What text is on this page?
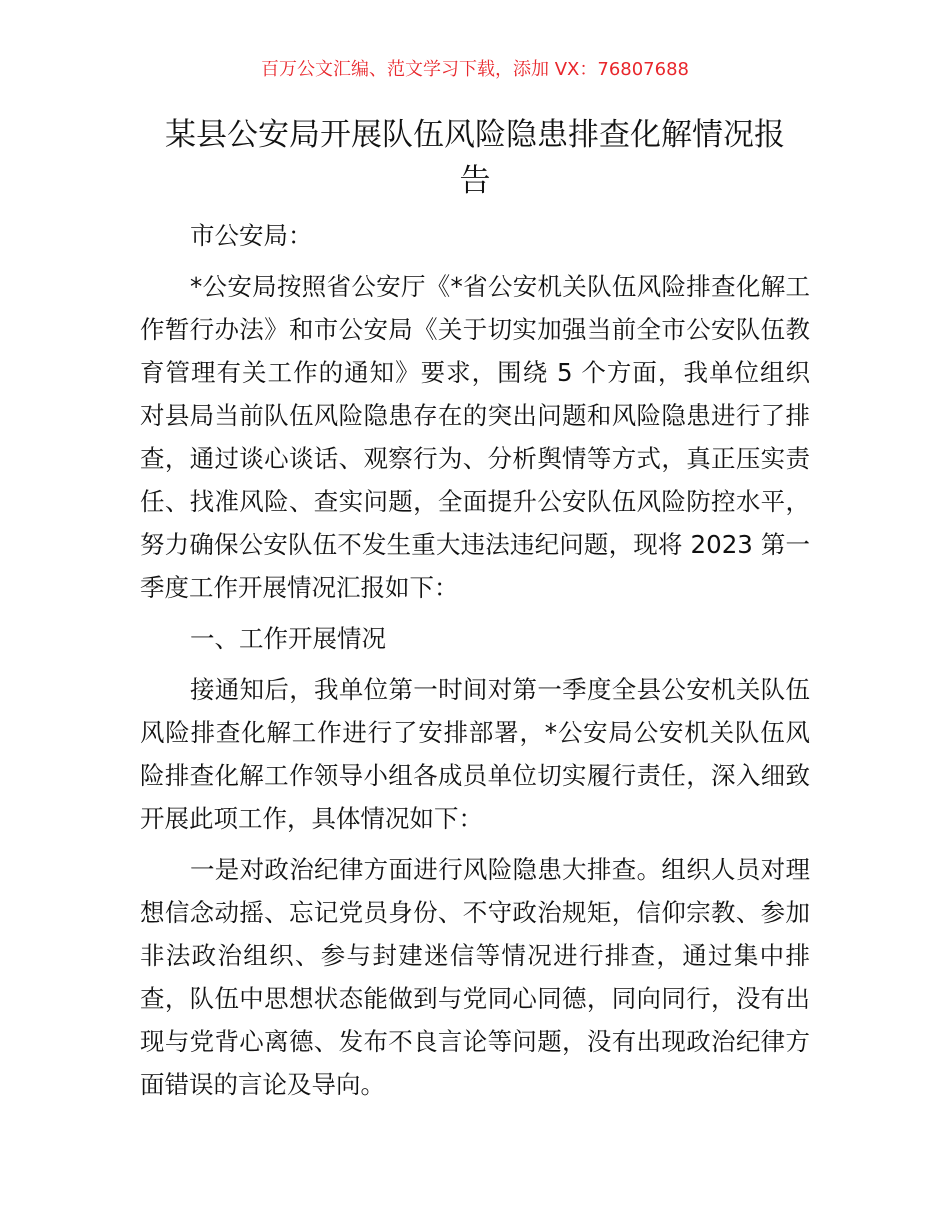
百万公文汇编、范文学习下载，添加 VX：76807688
某县公安局开展队伍风险隐患排查化解情况报
告
市公安局：
*公安局按照省公安厅《*省公安机关队伍风险排查化解工
作暂行办法》和市公安局《关于切实加强当前全市公安队伍教
育管理有关工作的通知》要求，围绕 5 个方面，我单位组织
对县局当前队伍风险隐患存在的突出问题和风险隐患进行了排
查，通过谈心谈话、观察行为、分析舆情等方式，真正压实责
任、找准风险、查实问题，全面提升公安队伍风险防控水平，
努力确保公安队伍不发生重大违法违纪问题，现将 2023 第一
季度工作开展情况汇报如下：
一、工作开展情况
接通知后，我单位第一时间对第一季度全县公安机关队伍
风险排查化解工作进行了安排部署，*公安局公安机关队伍风
险排查化解工作领导小组各成员单位切实履行责任，深入细致
开展此项工作，具体情况如下：
一是对政治纪律方面进行风险隐患大排查。组织人员对理
想信念动摇、忘记党员身份、不守政治规矩，信仰宗教、参加
非法政治组织、参与封建迷信等情况进行排查，通过集中排
查，队伍中思想状态能做到与党同心同德，同向同行，没有出
现与党背心离德、发布不良言论等问题，没有出现政治纪律方
面错误的言论及导向。
